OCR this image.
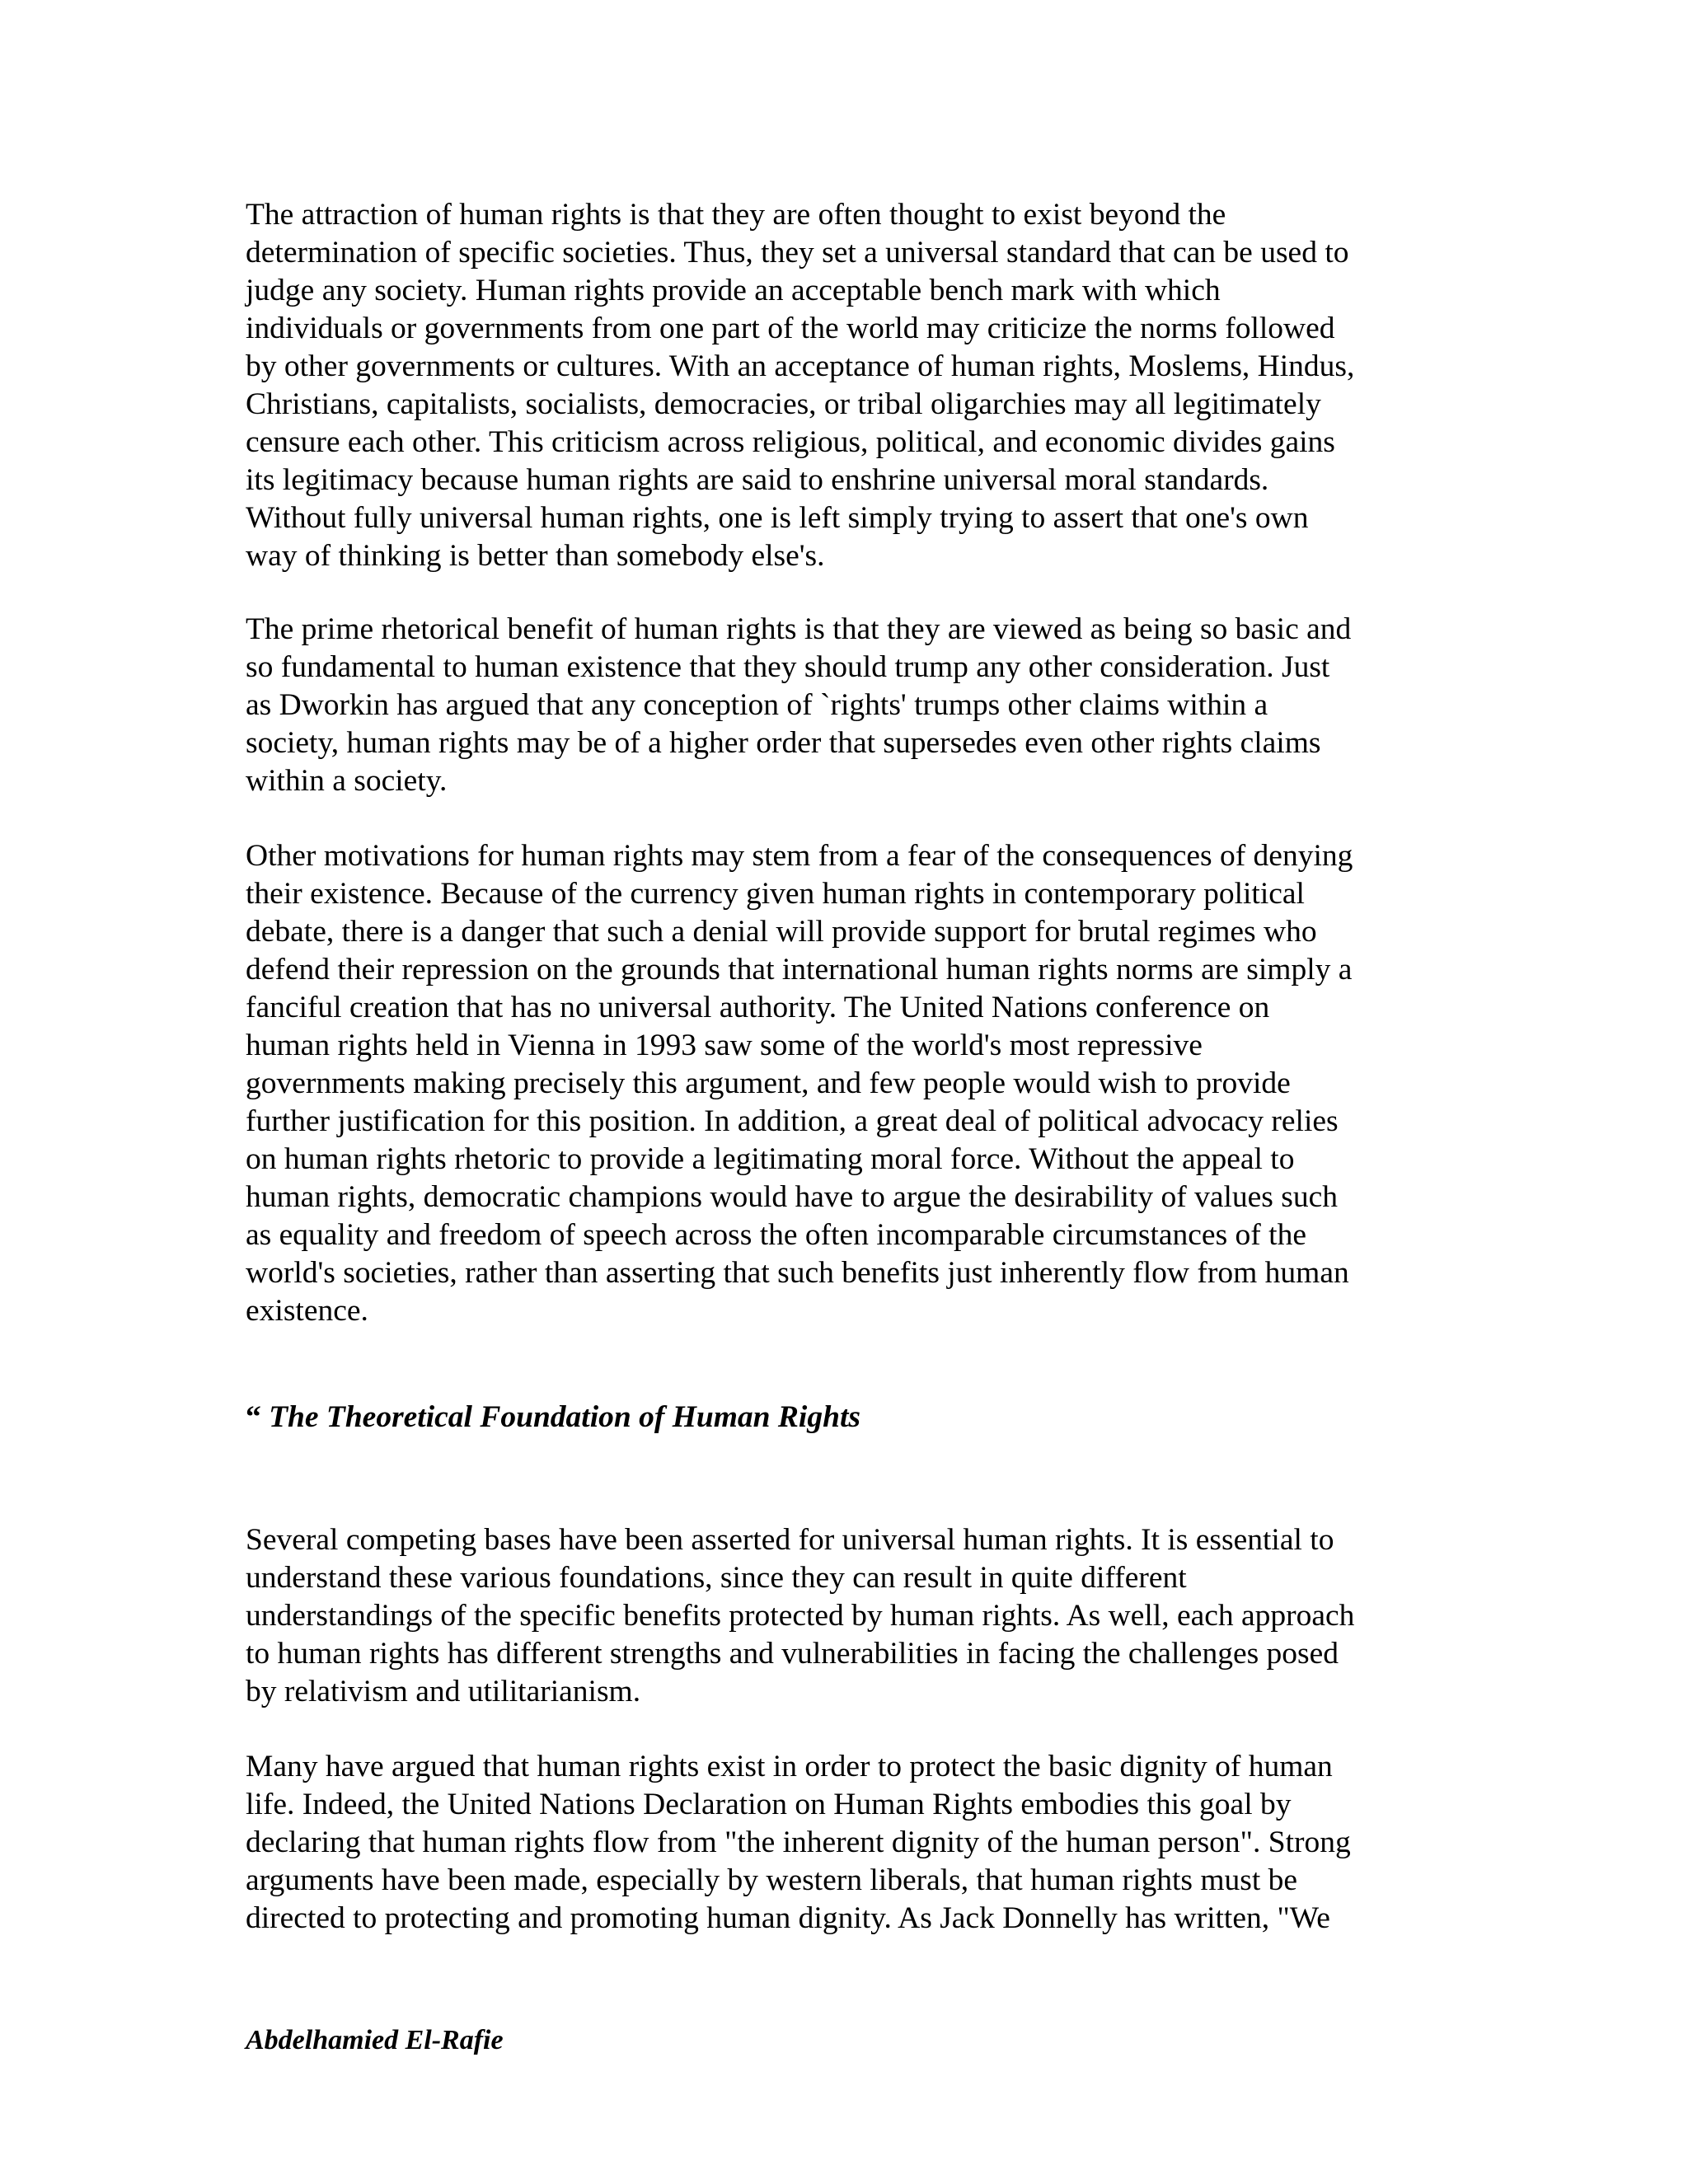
The attraction of human rights is that they are often thought to exist beyond the
determination of specific societies. Thus, they set a universal standard that can be used to
judge any society. Human rights provide an acceptable bench mark with which
individuals or governments from one part of the world may criticize the norms followed
by other governments or cultures. With an acceptance of human rights, Moslems, Hindus,
Christians, capitalists, socialists, democracies, or tribal oligarchies may all legitimately
censure each other. This criticism across religious, political, and economic divides gains
its legitimacy because human rights are said to enshrine universal moral standards.
Without fully universal human rights, one is left simply trying to assert that one's own
way of thinking is better than somebody else's.

The prime rhetorical benefit of human rights is that they are viewed as being so basic and
so fundamental to human existence that they should trump any other consideration. Just
as Dworkin has argued that any conception of `rights' trumps other claims within a
society, human rights may be of a higher order that supersedes even other rights claims
within a society.

Other motivations for human rights may stem from a fear of the consequences of denying
their existence. Because of the currency given human rights in contemporary political
debate, there is a danger that such a denial will provide support for brutal regimes who
defend their repression on the grounds that international human rights norms are simply a
fanciful creation that has no universal authority. The United Nations conference on
human rights held in Vienna in 1993 saw some of the world's most repressive
governments making precisely this argument, and few people would wish to provide
further justification for this position. In addition, a great deal of political advocacy relies
on human rights rhetoric to provide a legitimating moral force. Without the appeal to
human rights, democratic champions would have to argue the desirability of values such
as equality and freedom of speech across the often incomparable circumstances of the
world's societies, rather than asserting that such benefits just inherently flow from human
existence.

“ The Theoretical Foundation of Human Rights

Several competing bases have been asserted for universal human rights. It is essential to
understand these various foundations, since they can result in quite different
understandings of the specific benefits protected by human rights. As well, each approach
to human rights has different strengths and vulnerabilities in facing the challenges posed
by relativism and utilitarianism.

Many have argued that human rights exist in order to protect the basic dignity of human
life. Indeed, the United Nations Declaration on Human Rights embodies this goal by
declaring that human rights flow from "the inherent dignity of the human person". Strong
arguments have been made, especially by western liberals, that human rights must be
directed to protecting and promoting human dignity. As Jack Donnelly has written, "We

Abdelhamied El-Rafie
